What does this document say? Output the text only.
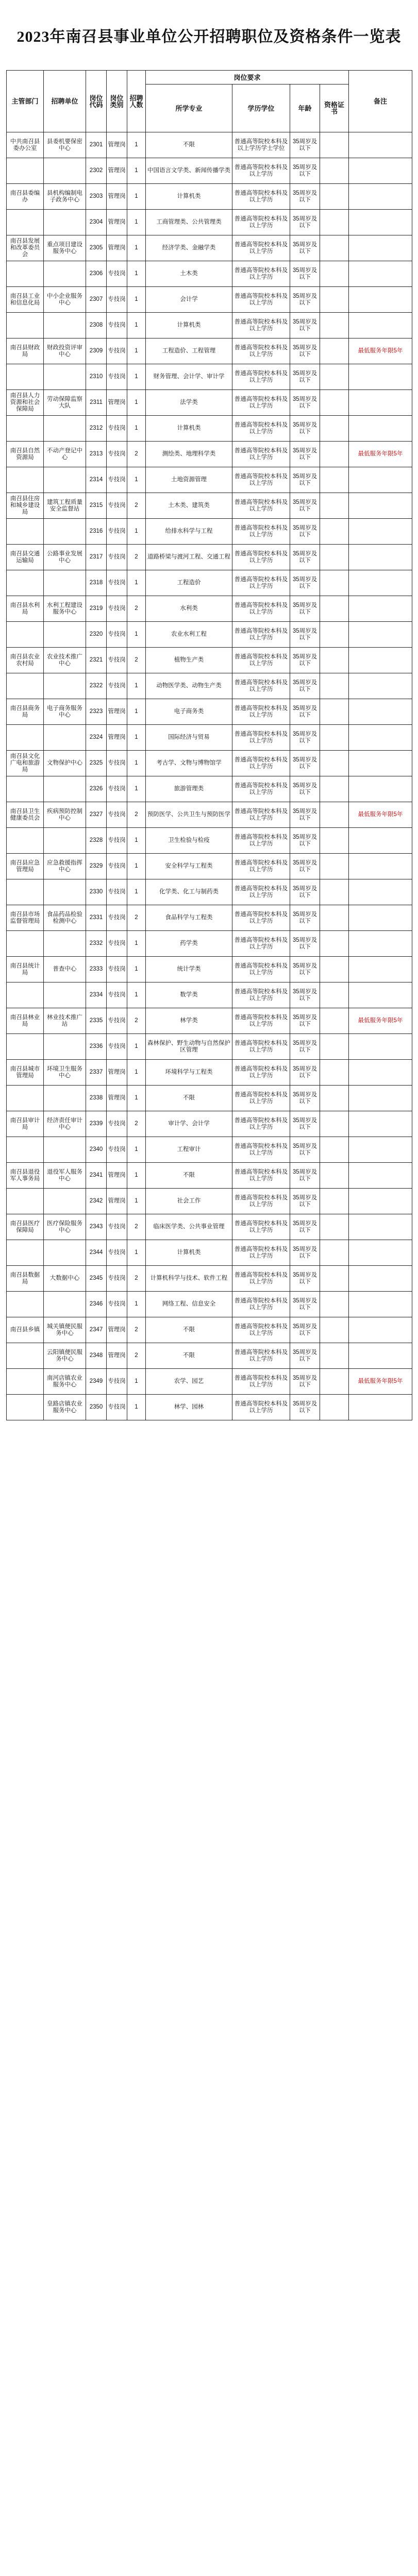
2023年南召县事业单位公开招聘职位及资格条件一览表
主管部门	招聘单位	岗位代码	岗位类别	招聘人数	岗位要求				备注
					所学专业	学历学位	年龄	资格证书	
中共南召县委办公室	县委机要保密中心	2301	管理岗	1	不限	普通高等院校本科及以上学历学士学位	35周岁及以下		
		2302	管理岗	1	中国语言文学类、新闻传播学类	普通高等院校本科及以上学历	35周岁及以下		
南召县委编办	县机构编制电子政务中心	2303	管理岗	1	计算机类	普通高等院校本科及以上学历	35周岁及以下		
		2304	管理岗	1	工商管理类、公共管理类	普通高等院校本科及以上学历	35周岁及以下		
南召县发展和改革委员会	重点项目建设服务中心	2305	管理岗	1	经济学类、金融学类	普通高等院校本科及以上学历	35周岁及以下		
		2306	专技岗	1	土木类	普通高等院校本科及以上学历	35周岁及以下		
南召县工业和信息化局	中小企业服务中心	2307	专技岗	1	会计学	普通高等院校本科及以上学历	35周岁及以下		
		2308	专技岗	1	计算机类	普通高等院校本科及以上学历	35周岁及以下		
南召县财政局	财政投资评审中心	2309	专技岗	1	工程造价、工程管理	普通高等院校本科及以上学历	35周岁及以下		最低服务年限5年
		2310	专技岗	1	财务管理、会计学、审计学	普通高等院校本科及以上学历	35周岁及以下		
南召县人力资源和社会保障局	劳动保障监察大队	2311	管理岗	1	法学类	普通高等院校本科及以上学历	35周岁及以下		
		2312	专技岗	1	计算机类	普通高等院校本科及以上学历	35周岁及以下		
南召县自然资源局	不动产登记中心	2313	专技岗	2	测绘类、地理科学类	普通高等院校本科及以上学历	35周岁及以下		最低服务年限5年
		2314	专技岗	1	土地资源管理	普通高等院校本科及以上学历	35周岁及以下		
南召县住房和城乡建设局	建筑工程质量安全监督站	2315	专技岗	2	土木类、建筑类	普通高等院校本科及以上学历	35周岁及以下		
		2316	专技岗	1	给排水科学与工程	普通高等院校本科及以上学历	35周岁及以下		
南召县交通运输局	公路事业发展中心	2317	专技岗	2	道路桥梁与渡河工程、交通工程	普通高等院校本科及以上学历	35周岁及以下		
		2318	专技岗	1	工程造价	普通高等院校本科及以上学历	35周岁及以下		
南召县水利局	水利工程建设服务中心	2319	专技岗	2	水利类	普通高等院校本科及以上学历	35周岁及以下		
		2320	专技岗	1	农业水利工程	普通高等院校本科及以上学历	35周岁及以下		
南召县农业农村局	农业技术推广中心	2321	专技岗	2	植物生产类	普通高等院校本科及以上学历	35周岁及以下		
		2322	专技岗	1	动物医学类、动物生产类	普通高等院校本科及以上学历	35周岁及以下		
南召县商务局	电子商务服务中心	2323	管理岗	1	电子商务类	普通高等院校本科及以上学历	35周岁及以下		
		2324	管理岗	1	国际经济与贸易	普通高等院校本科及以上学历	35周岁及以下		
南召县文化广电和旅游局	文物保护中心	2325	专技岗	1	考古学、文物与博物馆学	普通高等院校本科及以上学历	35周岁及以下		
		2326	专技岗	1	旅游管理类	普通高等院校本科及以上学历	35周岁及以下		
南召县卫生健康委员会	疾病预防控制中心	2327	专技岗	2	预防医学、公共卫生与预防医学	普通高等院校本科及以上学历	35周岁及以下		最低服务年限5年
		2328	专技岗	1	卫生检验与检疫	普通高等院校本科及以上学历	35周岁及以下		
南召县应急管理局	应急救援指挥中心	2329	专技岗	1	安全科学与工程类	普通高等院校本科及以上学历	35周岁及以下		
		2330	专技岗	1	化学类、化工与制药类	普通高等院校本科及以上学历	35周岁及以下		
南召县市场监督管理局	食品药品检验检测中心	2331	专技岗	2	食品科学与工程类	普通高等院校本科及以上学历	35周岁及以下		
		2332	专技岗	1	药学类	普通高等院校本科及以上学历	35周岁及以下		
南召县统计局	普查中心	2333	专技岗	1	统计学类	普通高等院校本科及以上学历	35周岁及以下		
		2334	专技岗	1	数学类	普通高等院校本科及以上学历	35周岁及以下		
南召县林业局	林业技术推广站	2335	专技岗	2	林学类	普通高等院校本科及以上学历	35周岁及以下		最低服务年限5年
		2336	专技岗	1	森林保护、野生动物与自然保护区管理	普通高等院校本科及以上学历	35周岁及以下		
南召县城市管理局	环境卫生服务中心	2337	管理岗	1	环境科学与工程类	普通高等院校本科及以上学历	35周岁及以下		
		2338	管理岗	1	不限	普通高等院校本科及以上学历	35周岁及以下		
南召县审计局	经济责任审计中心	2339	专技岗	2	审计学、会计学	普通高等院校本科及以上学历	35周岁及以下		
		2340	专技岗	1	工程审计	普通高等院校本科及以上学历	35周岁及以下		
南召县退役军人事务局	退役军人服务中心	2341	管理岗	1	不限	普通高等院校本科及以上学历	35周岁及以下		
		2342	管理岗	1	社会工作	普通高等院校本科及以上学历	35周岁及以下		
南召县医疗保障局	医疗保险服务中心	2343	专技岗	2	临床医学类、公共事业管理	普通高等院校本科及以上学历	35周岁及以下		
		2344	专技岗	1	计算机类	普通高等院校本科及以上学历	35周岁及以下		
南召县数据局	大数据中心	2345	专技岗	2	计算机科学与技术、软件工程	普通高等院校本科及以上学历	35周岁及以下		
		2346	专技岗	1	网络工程、信息安全	普通高等院校本科及以上学历	35周岁及以下		
南召县乡镇	城关镇便民服务中心	2347	管理岗	2	不限	普通高等院校本科及以上学历	35周岁及以下		
	云阳镇便民服务中心	2348	管理岗	2	不限	普通高等院校本科及以上学历	35周岁及以下		
	南河店镇农业服务中心	2349	专技岗	1	农学、园艺	普通高等院校本科及以上学历	35周岁及以下		最低服务年限5年
	皇路店镇农业服务中心	2350	专技岗	1	林学、园林	普通高等院校本科及以上学历	35周岁及以下		
